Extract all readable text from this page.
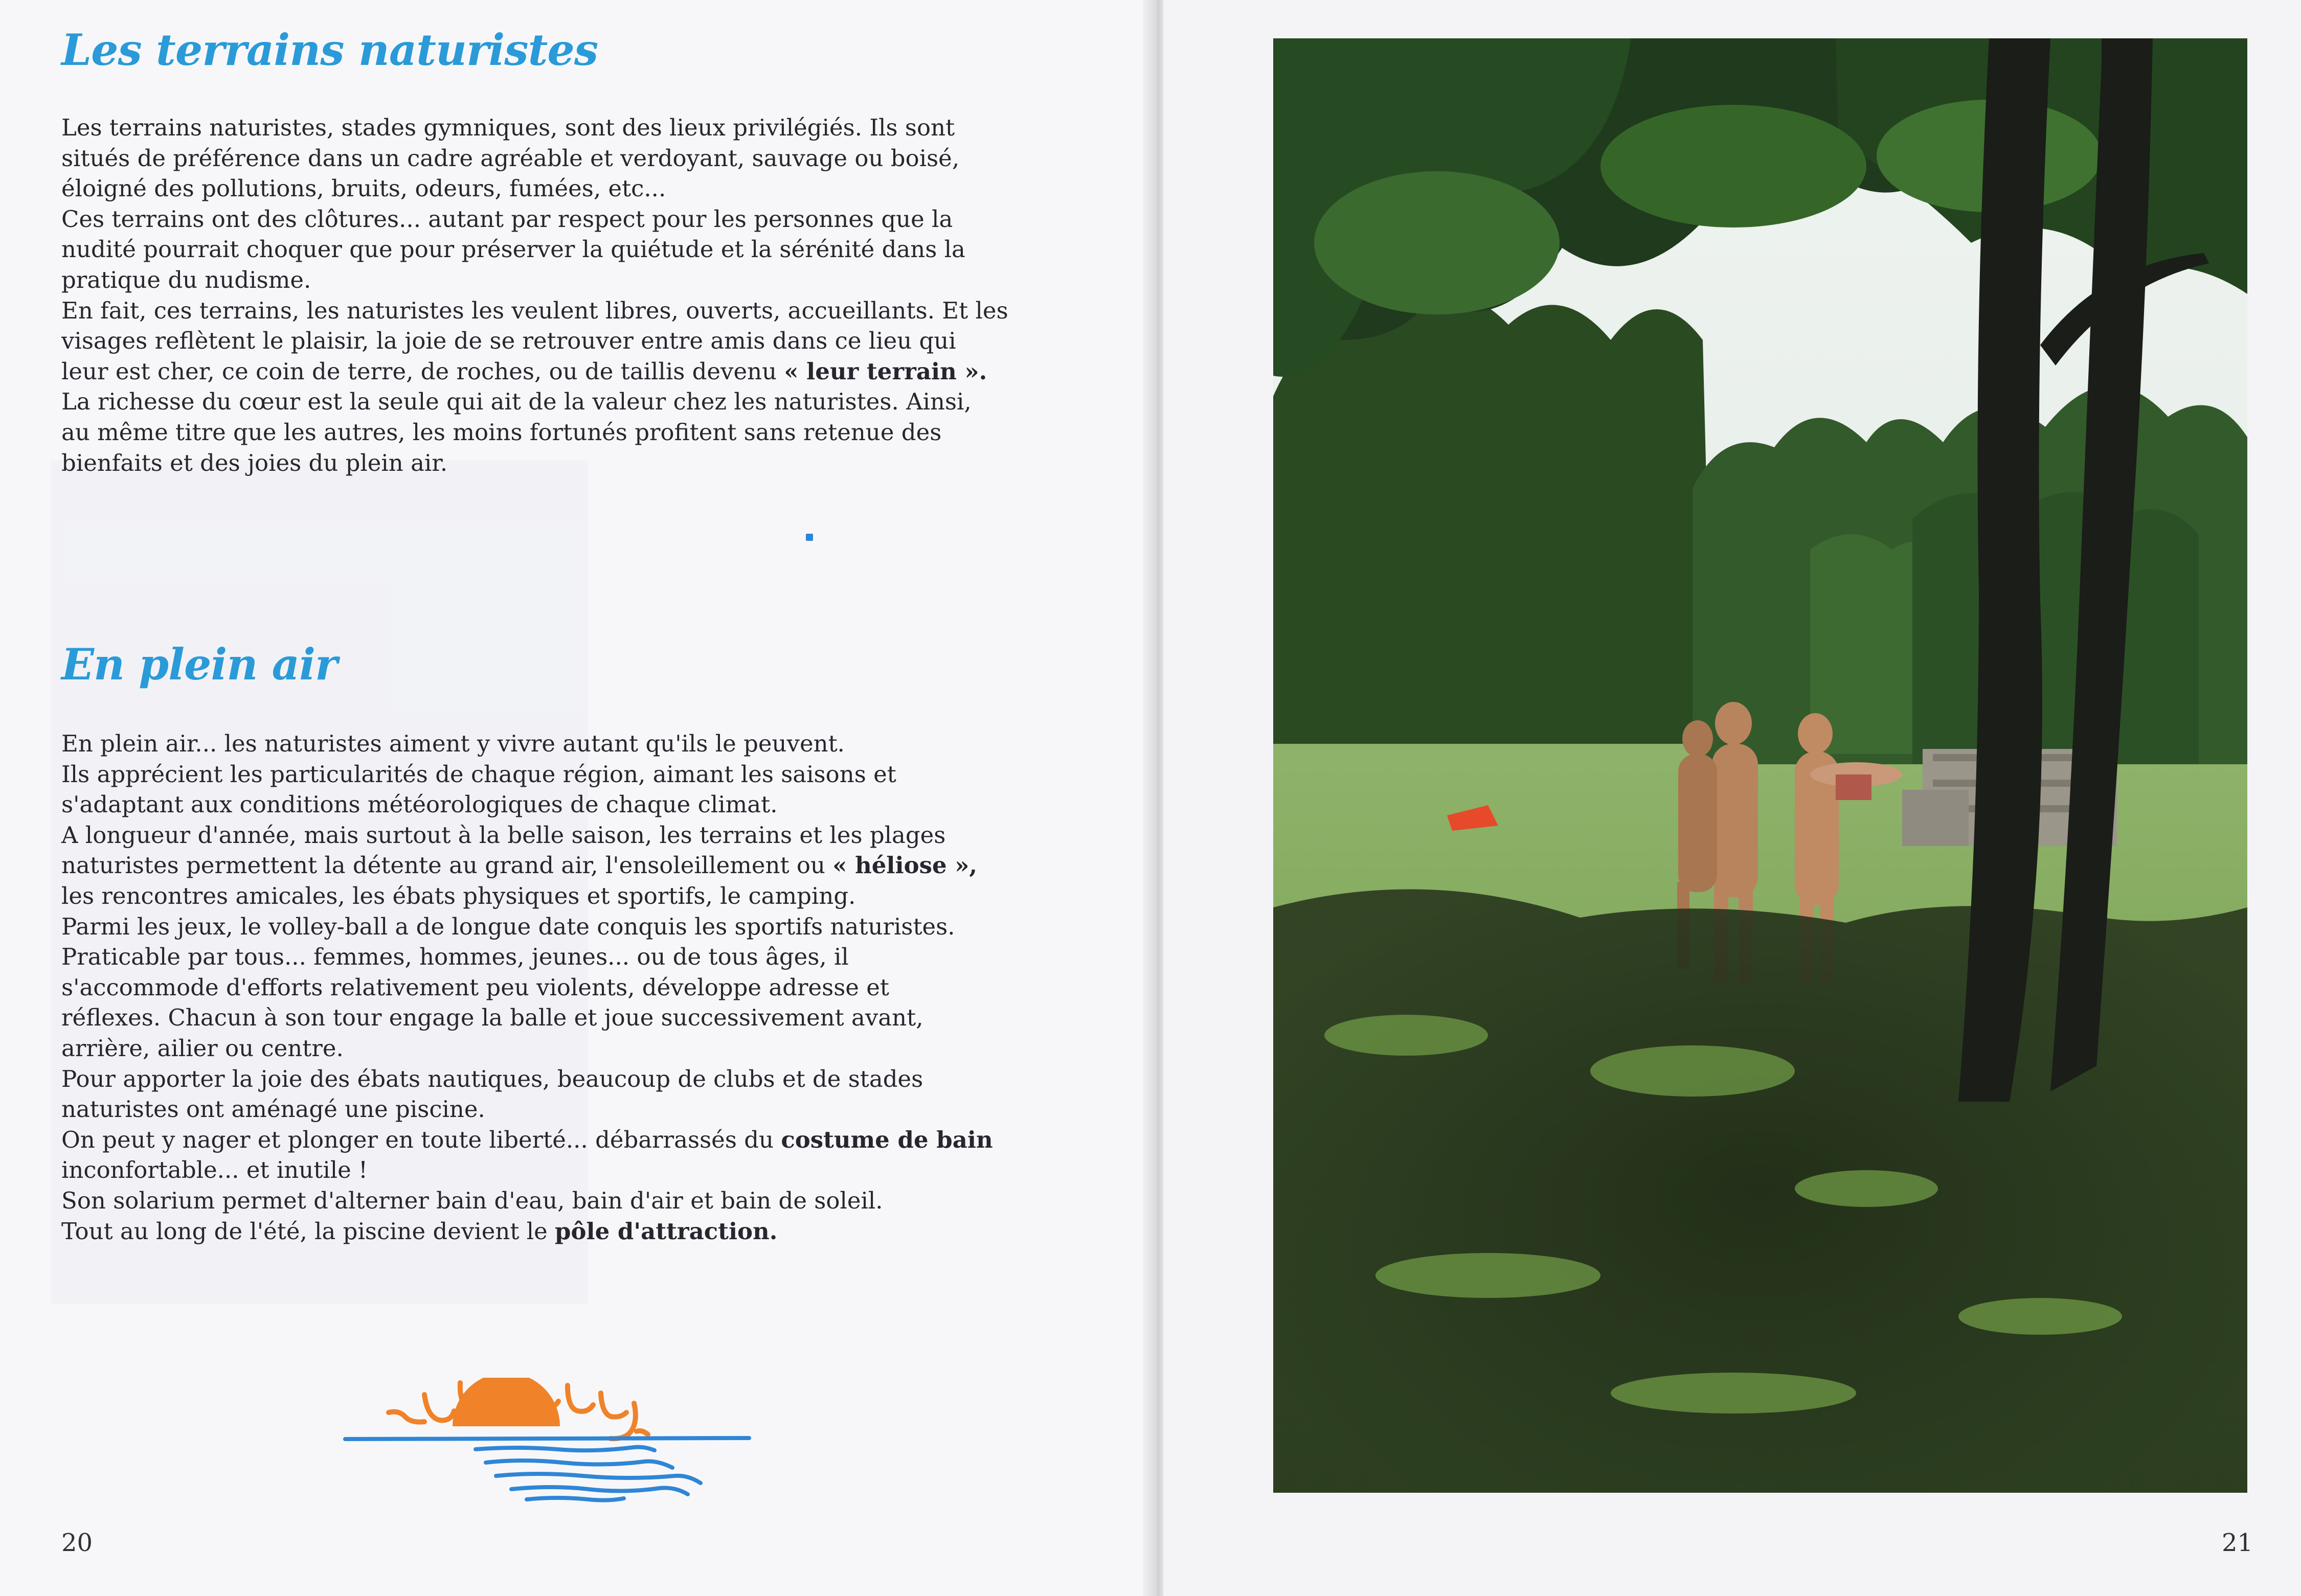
Les terrains naturistes
Les terrains naturistes, stades gymniques, sont des lieux privilégiés. Ils sont
situés de préférence dans un cadre agréable et verdoyant, sauvage ou boisé,
éloigné des pollutions, bruits, odeurs, fumées, etc...
Ces terrains ont des clôtures... autant par respect pour les personnes que la
nudité pourrait choquer que pour préserver la quiétude et la sérénité dans la
pratique du nudisme.
En fait, ces terrains, les naturistes les veulent libres, ouverts, accueillants. Et les
visages reflètent le plaisir, la joie de se retrouver entre amis dans ce lieu qui
leur est cher, ce coin de terre, de roches, ou de taillis devenu « leur terrain ».
La richesse du cœur est la seule qui ait de la valeur chez les naturistes. Ainsi,
au même titre que les autres, les moins fortunés profitent sans retenue des
bienfaits et des joies du plein air.
En plein air
En plein air... les naturistes aiment y vivre autant qu'ils le peuvent.
Ils apprécient les particularités de chaque région, aimant les saisons et
s'adaptant aux conditions météorologiques de chaque climat.
A longueur d'année, mais surtout à la belle saison, les terrains et les plages
naturistes permettent la détente au grand air, l'ensoleillement ou « héliose »,
les rencontres amicales, les ébats physiques et sportifs, le camping.
Parmi les jeux, le volley-ball a de longue date conquis les sportifs naturistes.
Praticable par tous... femmes, hommes, jeunes... ou de tous âges, il
s'accommode d'efforts relativement peu violents, développe adresse et
réflexes. Chacun à son tour engage la balle et joue successivement avant,
arrière, ailier ou centre.
Pour apporter la joie des ébats nautiques, beaucoup de clubs et de stades
naturistes ont aménagé une piscine.
On peut y nager et plonger en toute liberté... débarrassés du costume de bain
inconfortable... et inutile !
Son solarium permet d'alterner bain d'eau, bain d'air et bain de soleil.
Tout au long de l'été, la piscine devient le pôle d'attraction.
20	21
